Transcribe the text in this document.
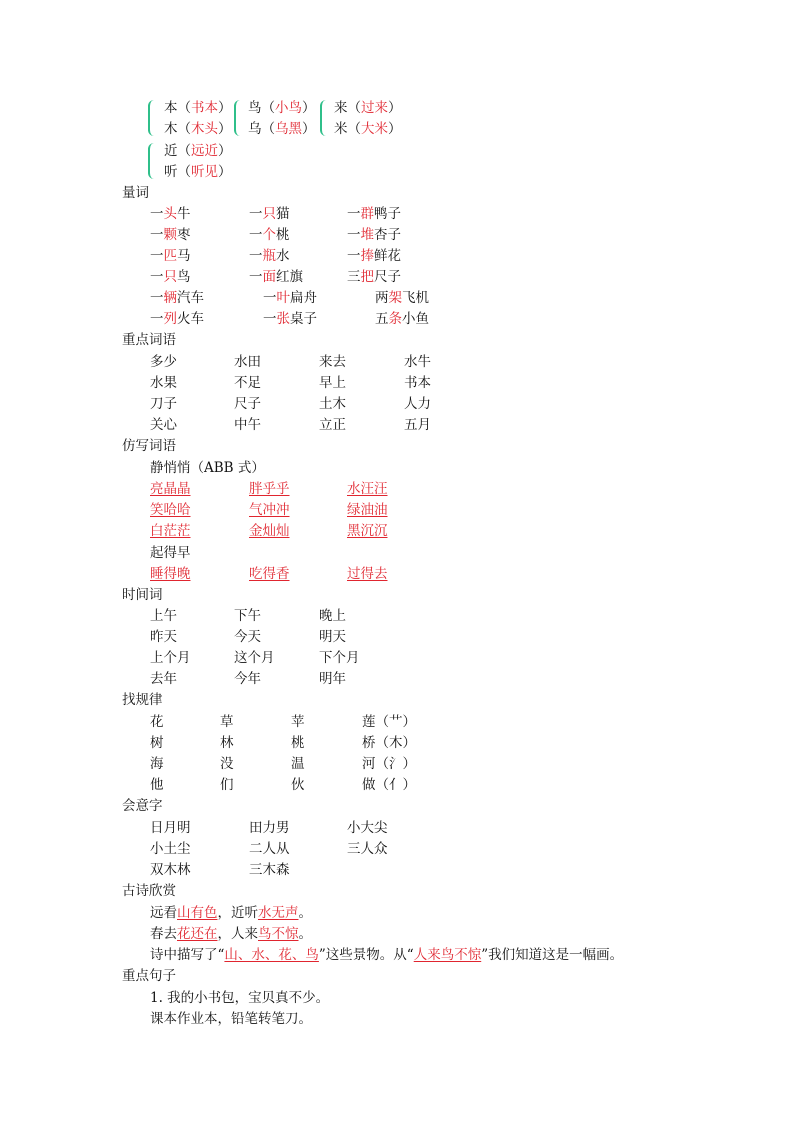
本（书本）
木（木头）
鸟（小鸟）
乌（乌黑）
来（过来）
米（大米）
近（远近）
听（听见）
量词
一头牛	一只猫	一群鸭子
一颗枣	一个桃	一堆杏子
一匹马	一瓶水	一捧鲜花
一只鸟	一面红旗	三把尺子
一辆汽车	一叶扁舟	两架飞机
一列火车	一张桌子	五条小鱼
重点词语
多少	水田	来去	水牛
水果	不足	早上	书本
刀子	尺子	土木	人力
关心	中午	立正	五月
仿写词语
静悄悄（ABB 式）
亮晶晶	胖乎乎	水汪汪
笑哈哈	气冲冲	绿油油
白茫茫	金灿灿	黑沉沉
起得早
睡得晚	吃得香	过得去
时间词
上午	下午	晚上
昨天	今天	明天
上个月	这个月	下个月
去年	今年	明年
找规律
花	草	苹	莲（艹）
树	林	桃	桥（木）
海	没	温	河（氵）
他	们	伙	做（亻）
会意字
日月明	田力男	小大尖
小土尘	二人从	三人众
双木林	三木森
古诗欣赏
远看山有色，近听水无声。
春去花还在，人来鸟不惊。
诗中描写了“山、水、花、鸟”这些景物。从“人来鸟不惊”我们知道这是一幅画。
重点句子
1. 我的小书包，宝贝真不少。
课本作业本，铅笔转笔刀。
